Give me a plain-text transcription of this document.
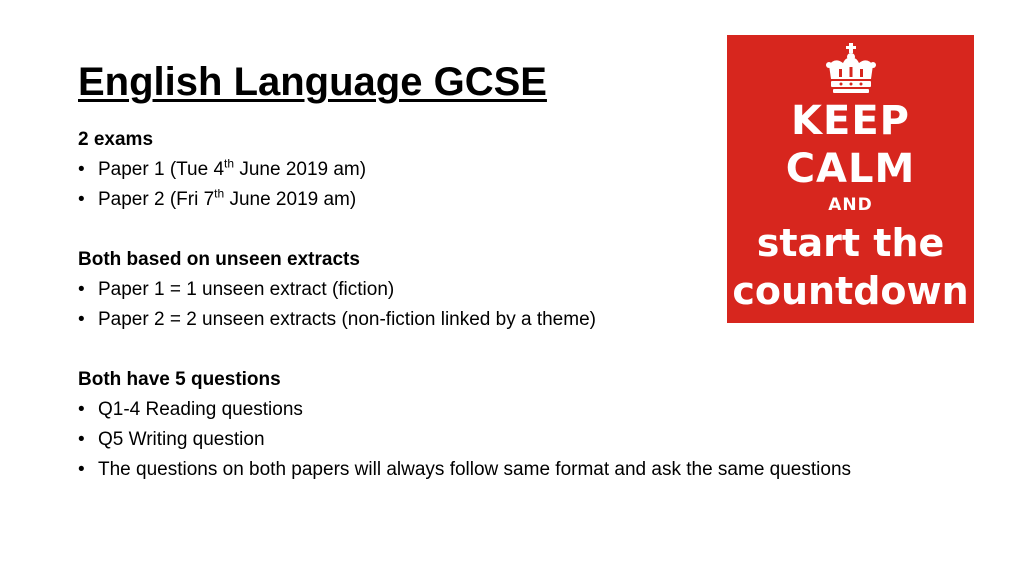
English Language GCSE
2 exams
• Paper 1 (Tue 4th June 2019 am)
• Paper 2 (Fri 7th June 2019 am)
Both based on unseen extracts
• Paper 1 = 1 unseen extract (fiction)
• Paper 2 = 2 unseen extracts (non-fiction linked by a theme)
Both have 5 questions
• Q1-4 Reading questions
• Q5 Writing question
• The questions on both papers will always follow same format and ask the same questions
KEEP
CALM
AND
start the
countdown
